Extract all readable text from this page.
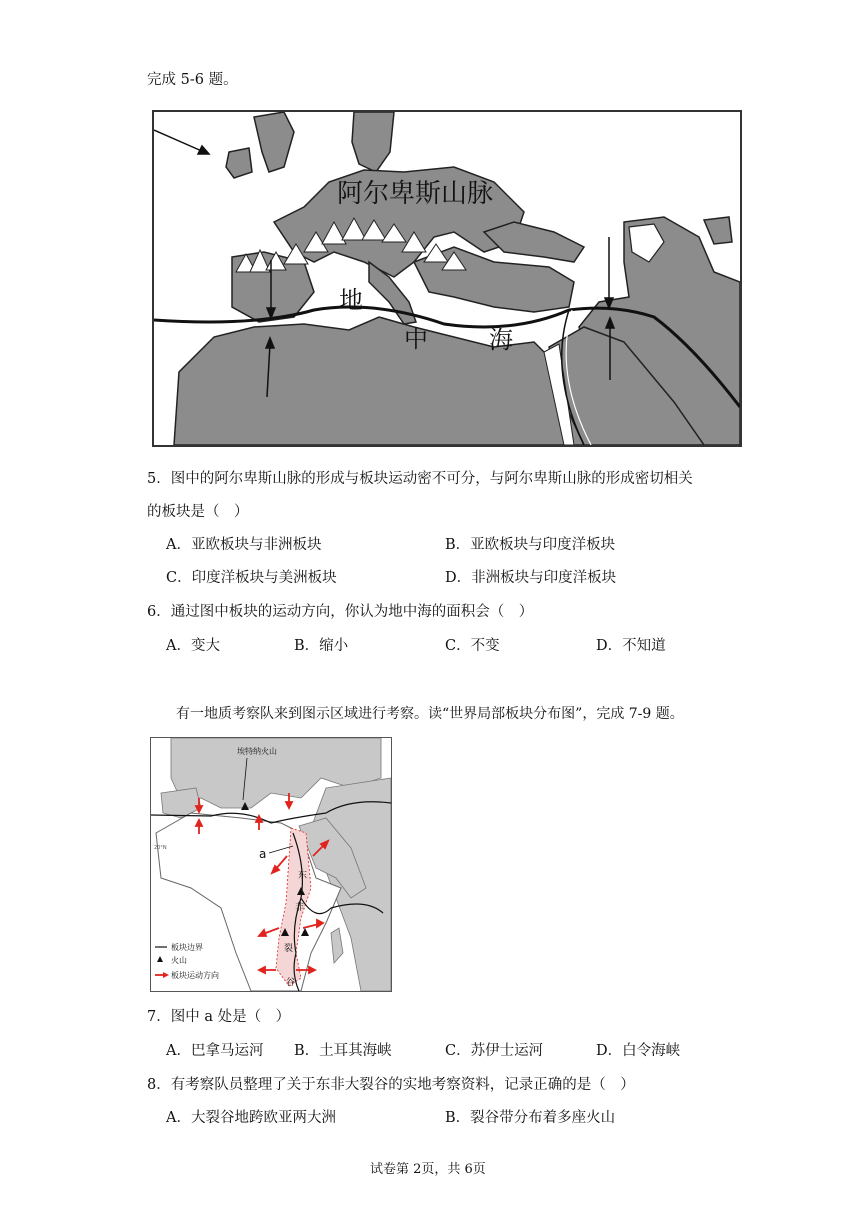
完成 5-6 题。
阿尔卑斯山脉
地
中	海
5．图中的阿尔卑斯山脉的形成与板块运动密不可分，与阿尔卑斯山脉的形成密切相关
的板块是（　）
A．亚欧板块与非洲板块	B．亚欧板块与印度洋板块
C．印度洋板块与美洲板块	D．非洲板块与印度洋板块
6．通过图中板块的运动方向，你认为地中海的面积会（　）
A．变大	B．缩小	C．不变	D．不知道
有一地质考察队来到图示区域进行考察。读“世界局部板块分布图”，完成 7-9 题。
埃特纳火山
a
20°N
东
非
裂
谷
板块边界
火山
板块运动方向
7．图中 a 处是（　）
A．巴拿马运河 B．土耳其海峡	C．苏伊士运河	D．白令海峡
8．有考察队员整理了关于东非大裂谷的实地考察资料，记录正确的是（　）
A．大裂谷地跨欧亚两大洲	B．裂谷带分布着多座火山
试卷第 2页，共 6页
